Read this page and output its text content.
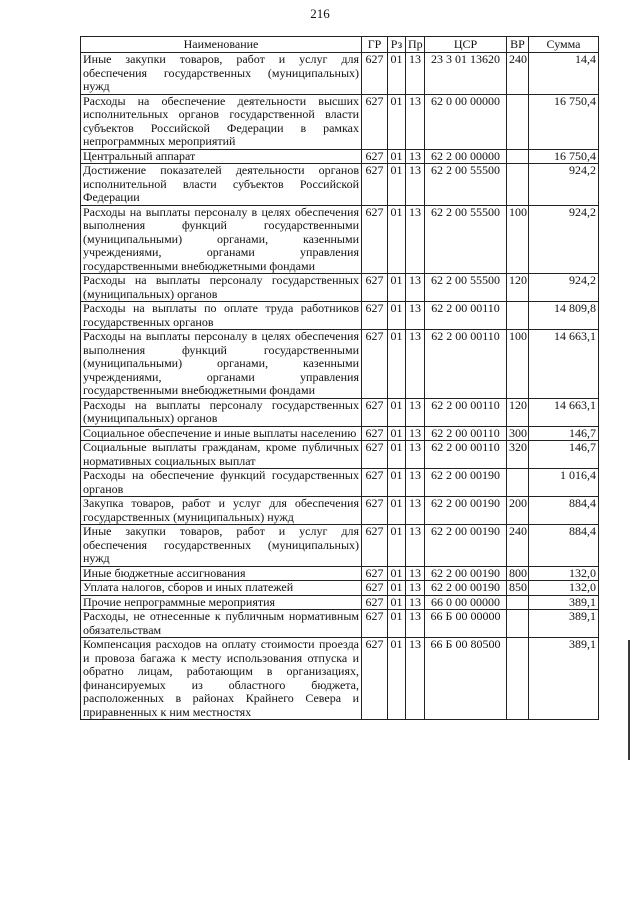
216
Наименование	ГР	Рз	Пр	ЦСР	ВР	Сумма
Иные закупки товаров, работ и услуг для обеспечения государственных (муниципальных) нужд	627	01	13	23 3 01 13620	240	14,4
Расходы на обеспечение деятельности высших исполнительных органов государственной власти субъектов Российской Федерации в рамках непрограммных мероприятий	627	01	13	62 0 00 00000		16 750,4
Центральный аппарат	627	01	13	62 2 00 00000		16 750,4
Достижение показателей деятельности органов исполнительной власти субъектов Российской Федерации	627	01	13	62 2 00 55500		924,2
Расходы на выплаты персоналу в целях обеспечения выполнения функций государственными (муниципальными) органами, казенными учреждениями, органами управления государственными внебюджетными фондами	627	01	13	62 2 00 55500	100	924,2
Расходы на выплаты персоналу государственных (муниципальных) органов	627	01	13	62 2 00 55500	120	924,2
Расходы на выплаты по оплате труда работников государственных органов	627	01	13	62 2 00 00110		14 809,8
Расходы на выплаты персоналу в целях обеспечения выполнения функций государственными (муниципальными) органами, казенными учреждениями, органами управления государственными внебюджетными фондами	627	01	13	62 2 00 00110	100	14 663,1
Расходы на выплаты персоналу государственных (муниципальных) органов	627	01	13	62 2 00 00110	120	14 663,1
Социальное обеспечение и иные выплаты населению	627	01	13	62 2 00 00110	300	146,7
Социальные выплаты гражданам, кроме публичных нормативных социальных выплат	627	01	13	62 2 00 00110	320	146,7
Расходы на обеспечение функций государственных органов	627	01	13	62 2 00 00190		1 016,4
Закупка товаров, работ и услуг для обеспечения государственных (муниципальных) нужд	627	01	13	62 2 00 00190	200	884,4
Иные закупки товаров, работ и услуг для обеспечения государственных (муниципальных) нужд	627	01	13	62 2 00 00190	240	884,4
Иные бюджетные ассигнования	627	01	13	62 2 00 00190	800	132,0
Уплата налогов, сборов и иных платежей	627	01	13	62 2 00 00190	850	132,0
Прочие непрограммные мероприятия	627	01	13	66 0 00 00000		389,1
Расходы, не отнесенные к публичным нормативным обязательствам	627	01	13	66 Б 00 00000		389,1
Компенсация расходов на оплату стоимости проезда и провоза багажа к месту использования отпуска и обратно лицам, работающим в организациях, финансируемых из областного бюджета, расположенных в районах Крайнего Севера и приравненных к ним местностях	627	01	13	66 Б 00 80500		389,1
